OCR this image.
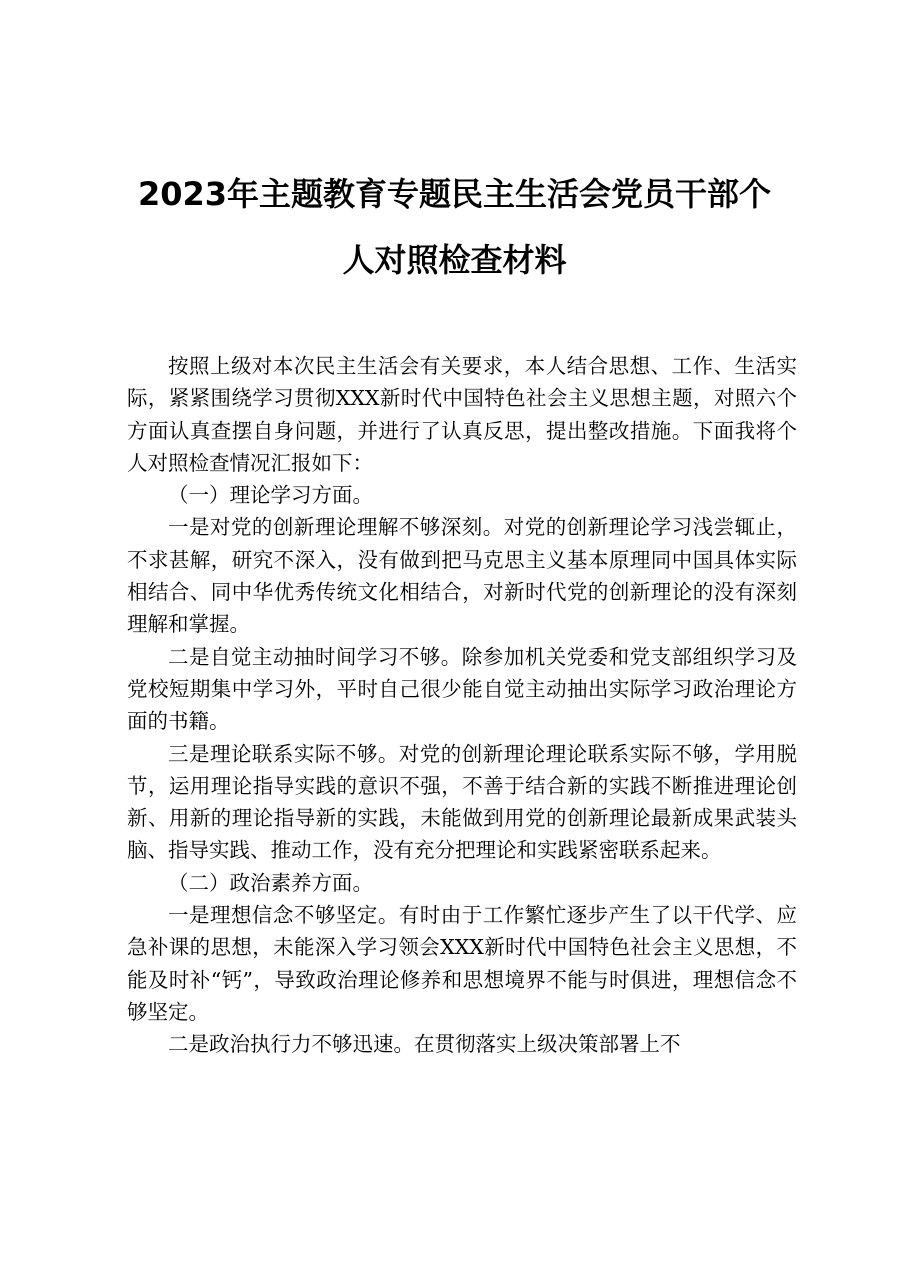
2023年主题教育专题民主生活会党员干部个
人对照检查材料

按照上级对本次民主生活会有关要求，本人结合思想、工作、生活实际，紧紧围绕学习贯彻XXX新时代中国特色社会主义思想主题，对照六个方面认真查摆自身问题，并进行了认真反思，提出整改措施。下面我将个人对照检查情况汇报如下：

（一）理论学习方面。

一是对党的创新理论理解不够深刻。对党的创新理论学习浅尝辄止，不求甚解，研究不深入，没有做到把马克思主义基本原理同中国具体实际相结合、同中华优秀传统文化相结合，对新时代党的创新理论的没有深刻理解和掌握。

二是自觉主动抽时间学习不够。除参加机关党委和党支部组织学习及党校短期集中学习外，平时自己很少能自觉主动抽出实际学习政治理论方面的书籍。

三是理论联系实际不够。对党的创新理论理论联系实际不够，学用脱节，运用理论指导实践的意识不强，不善于结合新的实践不断推进理论创新、用新的理论指导新的实践，未能做到用党的创新理论最新成果武装头脑、指导实践、推动工作，没有充分把理论和实践紧密联系起来。

（二）政治素养方面。

一是理想信念不够坚定。有时由于工作繁忙逐步产生了以干代学、应急补课的思想，未能深入学习领会XXX新时代中国特色社会主义思想，不能及时补“钙”，导致政治理论修养和思想境界不能与时俱进，理想信念不够坚定。

二是政治执行力不够迅速。在贯彻落实上级决策部署上不
